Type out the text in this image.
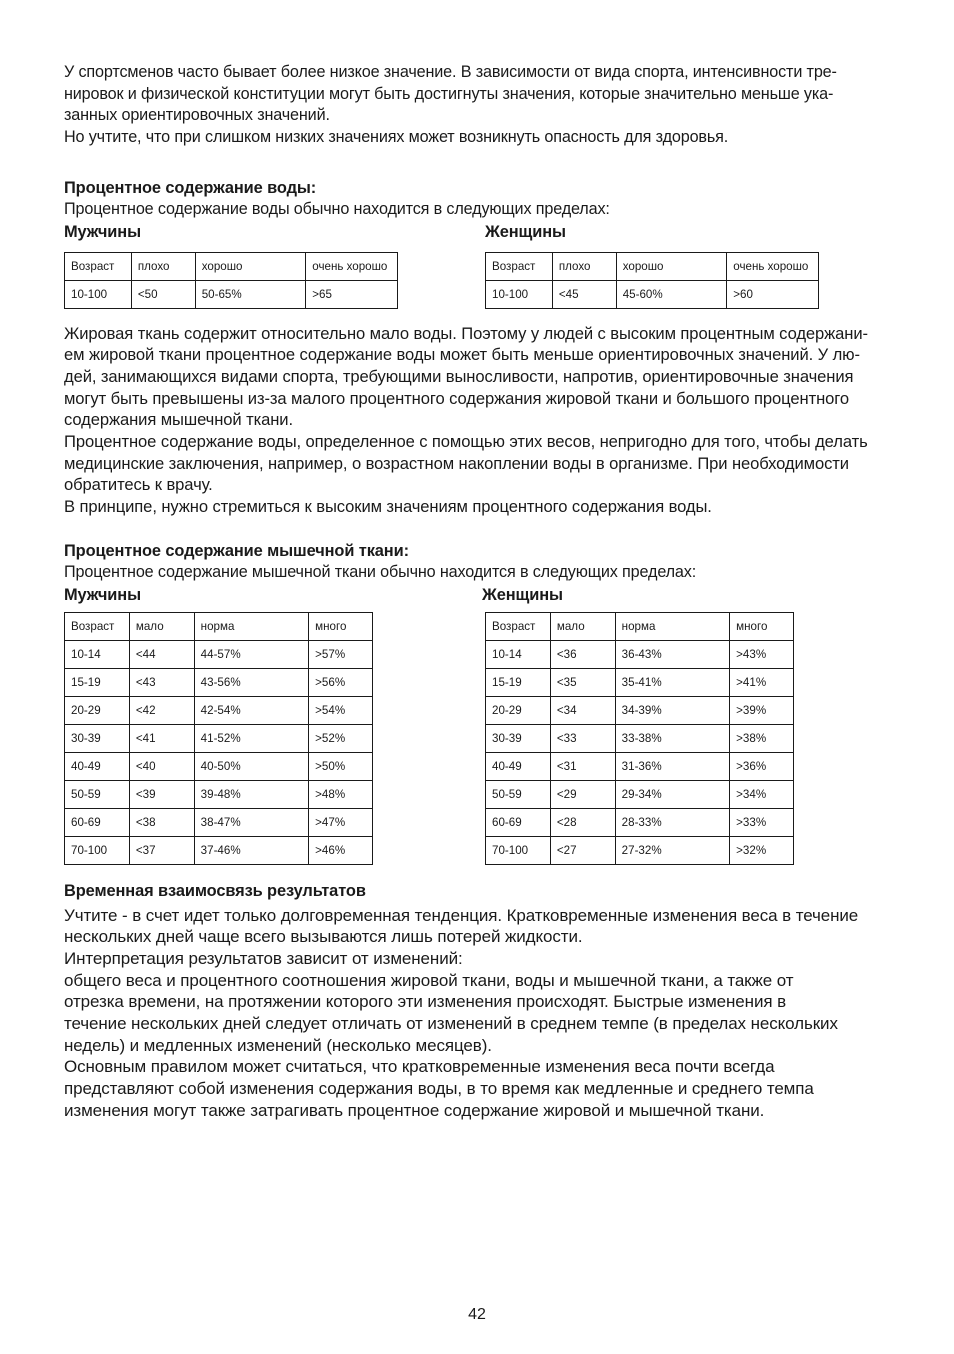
У спортсменов часто бывает более низкое значение. В зависимости от вида спорта, интенсивности тре-
нировок и физической конституции могут быть достигнуты значения, которые значительно меньше ука-
занных ориентировочных значений.
Но учтите, что при слишком низких значениях может возникнуть опасность для здоровья.
Процентное содержание воды:
Процентное содержание воды обычно находится в следующих пределах:
Мужчины	Женщины
Возраст	плохо	хорошо	очень хорошо
10-100	<50	50-65%	>65
Возраст	плохо	хорошо	очень хорошо
10-100	<45	45-60%	>60
Жировая ткань содержит относительно мало воды. Поэтому у людей с высоким процентным содержани-
ем жировой ткани процентное содержание воды может быть меньше ориентировочных значений. У лю-
дей, занимающихся видами спорта, требующими выносливости, напротив, ориентировочные значения
могут быть превышены из-за малого процентного содержания жировой ткани и большого процентного
содержания мышечной ткани.
Процентное содержание воды, определенное с помощью этих весов, непригодно для того, чтобы делать
медицинские заключения, например, о возрастном накоплении воды в организме. При необходимости
обратитесь к врачу.
В принципе, нужно стремиться к высоким значениям процентного содержания воды.
Процентное содержание мышечной ткани:
Процентное содержание мышечной ткани обычно находится в следующих пределах:
Мужчины	Женщины
Возраст	мало	норма	много
10-14	<44	44-57%	>57%
15-19	<43	43-56%	>56%
20-29	<42	42-54%	>54%
30-39	<41	41-52%	>52%
40-49	<40	40-50%	>50%
50-59	<39	39-48%	>48%
60-69	<38	38-47%	>47%
70-100	<37	37-46%	>46%
Возраст	мало	норма	много
10-14	<36	36-43%	>43%
15-19	<35	35-41%	>41%
20-29	<34	34-39%	>39%
30-39	<33	33-38%	>38%
40-49	<31	31-36%	>36%
50-59	<29	29-34%	>34%
60-69	<28	28-33%	>33%
70-100	<27	27-32%	>32%
Временная взаимосвязь результатов
Учтите - в счет идет только долговременная тенденция. Кратковременные изменения веса в течение
нескольких дней чаще всего вызываются лишь потерей жидкости.
Интерпретация результатов зависит от изменений:
общего веса и процентного соотношения жировой ткани, воды и мышечной ткани, а также от
отрезка времени, на протяжении которого эти изменения происходят. Быстрые изменения в
течение нескольких дней следует отличать от изменений в среднем темпе (в пределах нескольких
недель) и медленных изменений (несколько месяцев).
Основным правилом может считаться, что кратковременные изменения веса почти всегда
представляют собой изменения содержания воды, в то время как медленные и среднего темпа
изменения могут также затрагивать процентное содержание жировой и мышечной ткани.
42
